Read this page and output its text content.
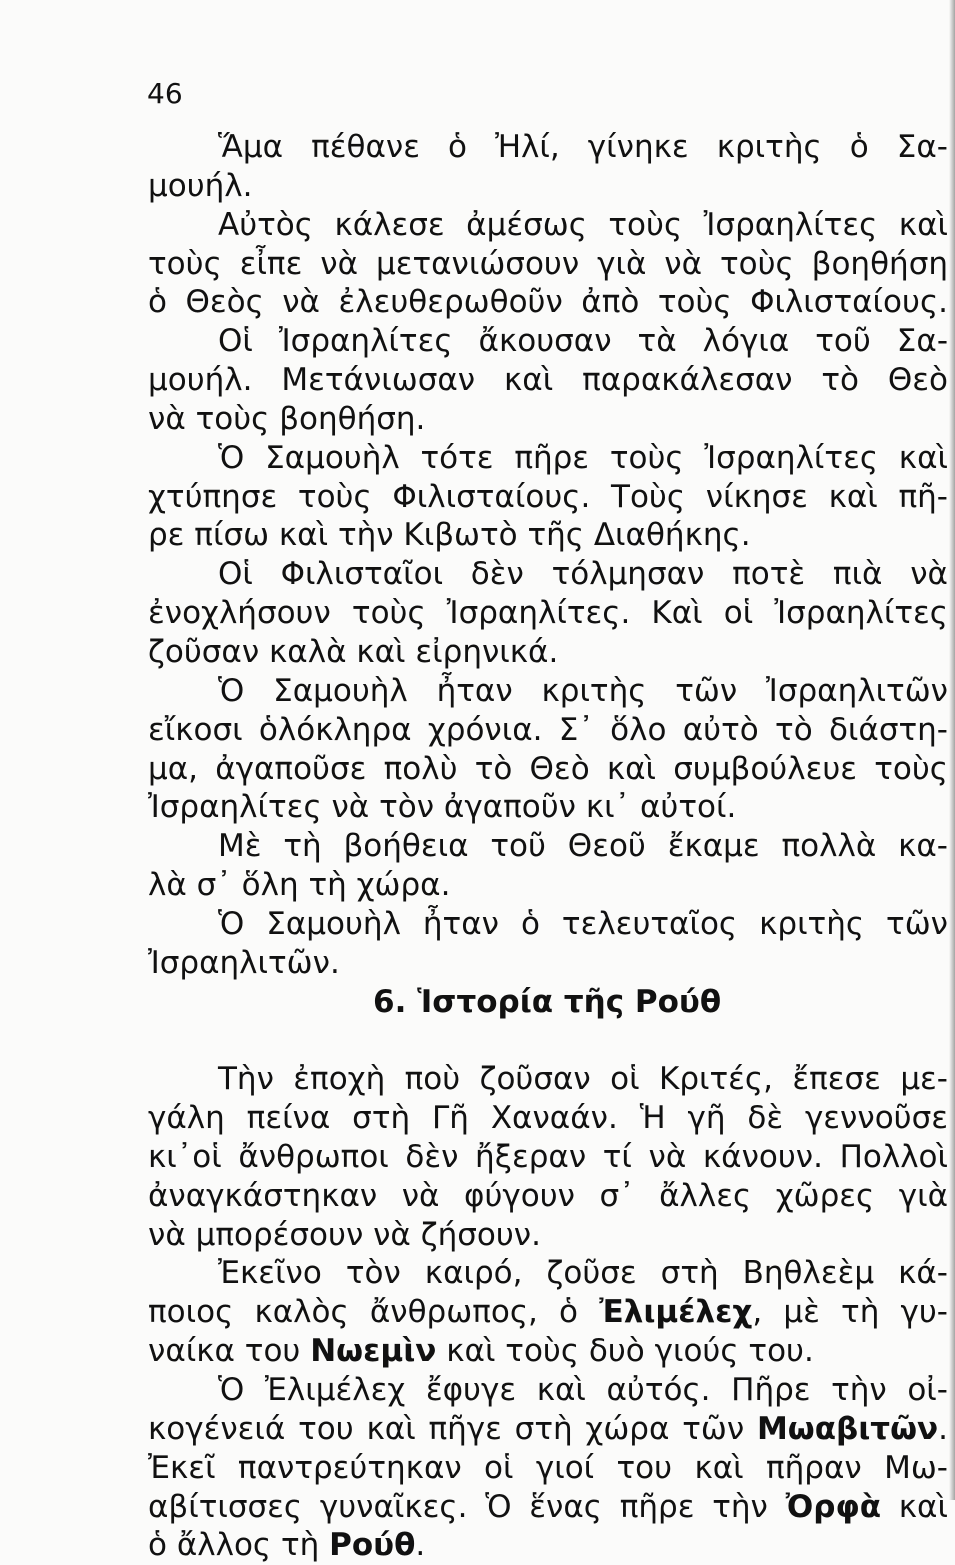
46
Ἅμα πέθανε ὁ Ἠλί, γίνηκε κριτὴς ὁ Σα-
μουήλ.
Αὐτὸς κάλεσε ἀμέσως τοὺς Ἰσραηλίτες καὶ
τοὺς εἶπε νὰ μετανιώσουν γιὰ νὰ τοὺς βοηθήση
ὁ Θεὸς νὰ ἐλευθερωθοῦν ἀπὸ τοὺς Φιλισταίους.
Οἱ Ἰσραηλίτες ἄκουσαν τὰ λόγια τοῦ Σα-
μουήλ. Μετάνιωσαν καὶ παρακάλεσαν τὸ Θεὸ
νὰ τοὺς βοηθήση.
Ὁ Σαμουὴλ τότε πῆρε τοὺς Ἰσραηλίτες καὶ
χτύπησε τοὺς Φιλισταίους. Τοὺς νίκησε καὶ πῆ-
ρε πίσω καὶ τὴν Κιβωτὸ τῆς Διαθήκης.
Οἱ Φιλισταῖοι δὲν τόλμησαν ποτὲ πιὰ νὰ
ἐνοχλήσουν τοὺς Ἰσραηλίτες. Καὶ οἱ Ἰσραηλίτες
ζοῦσαν καλὰ καὶ εἰρηνικά.
Ὁ Σαμουὴλ ἦταν κριτὴς τῶν Ἰσραηλιτῶν
εἴκοσι ὁλόκληρα χρόνια. Σ᾿ ὅλο αὐτὸ τὸ διάστη-
μα, ἀγαποῦσε πολὺ τὸ Θεὸ καὶ συμβούλευε τοὺς
Ἰσραηλίτες νὰ τὸν ἀγαποῦν κι᾿ αὐτοί.
Μὲ τὴ βοήθεια τοῦ Θεοῦ ἔκαμε πολλὰ κα-
λὰ σ᾿ ὅλη τὴ χώρα.
Ὁ Σαμουὴλ ἦταν ὁ τελευταῖος κριτὴς τῶν
Ἰσραηλιτῶν.
6. Ἱστορία τῆς Ρούθ
Τὴν ἐποχὴ ποὺ ζοῦσαν οἱ Κριτές, ἔπεσε με-
γάλη πείνα στὴ Γῆ Χαναάν. Ἡ γῆ δὲ γεννοῦσε
κι᾿οἱ ἄνθρωποι δὲν ἤξεραν τί νὰ κάνουν. Πολλοὶ
ἀναγκάστηκαν νὰ φύγουν σ᾿ ἄλλες χῶρες γιὰ
νὰ μπορέσουν νὰ ζήσουν.
Ἐκεῖνο τὸν καιρό, ζοῦσε στὴ Βηθλεὲμ κά-
ποιος καλὸς ἄνθρωπος, ὁ Ἐλιμέλεχ, μὲ τὴ γυ-
ναίκα του Νωεμὶν καὶ τοὺς δυὸ γιούς του.
Ὁ Ἐλιμέλεχ ἔφυγε καὶ αὐτός. Πῆρε τὴν οἰ-
κογένειά του καὶ πῆγε στὴ χώρα τῶν Μωαβιτῶν.
Ἐκεῖ παντρεύτηκαν οἱ γιοί του καὶ πῆραν Μω-
αβίτισσες γυναῖκες. Ὁ ἕνας πῆρε τὴν Ὀρφὰ καὶ
ὁ ἄλλος τὴ Ρούθ.
